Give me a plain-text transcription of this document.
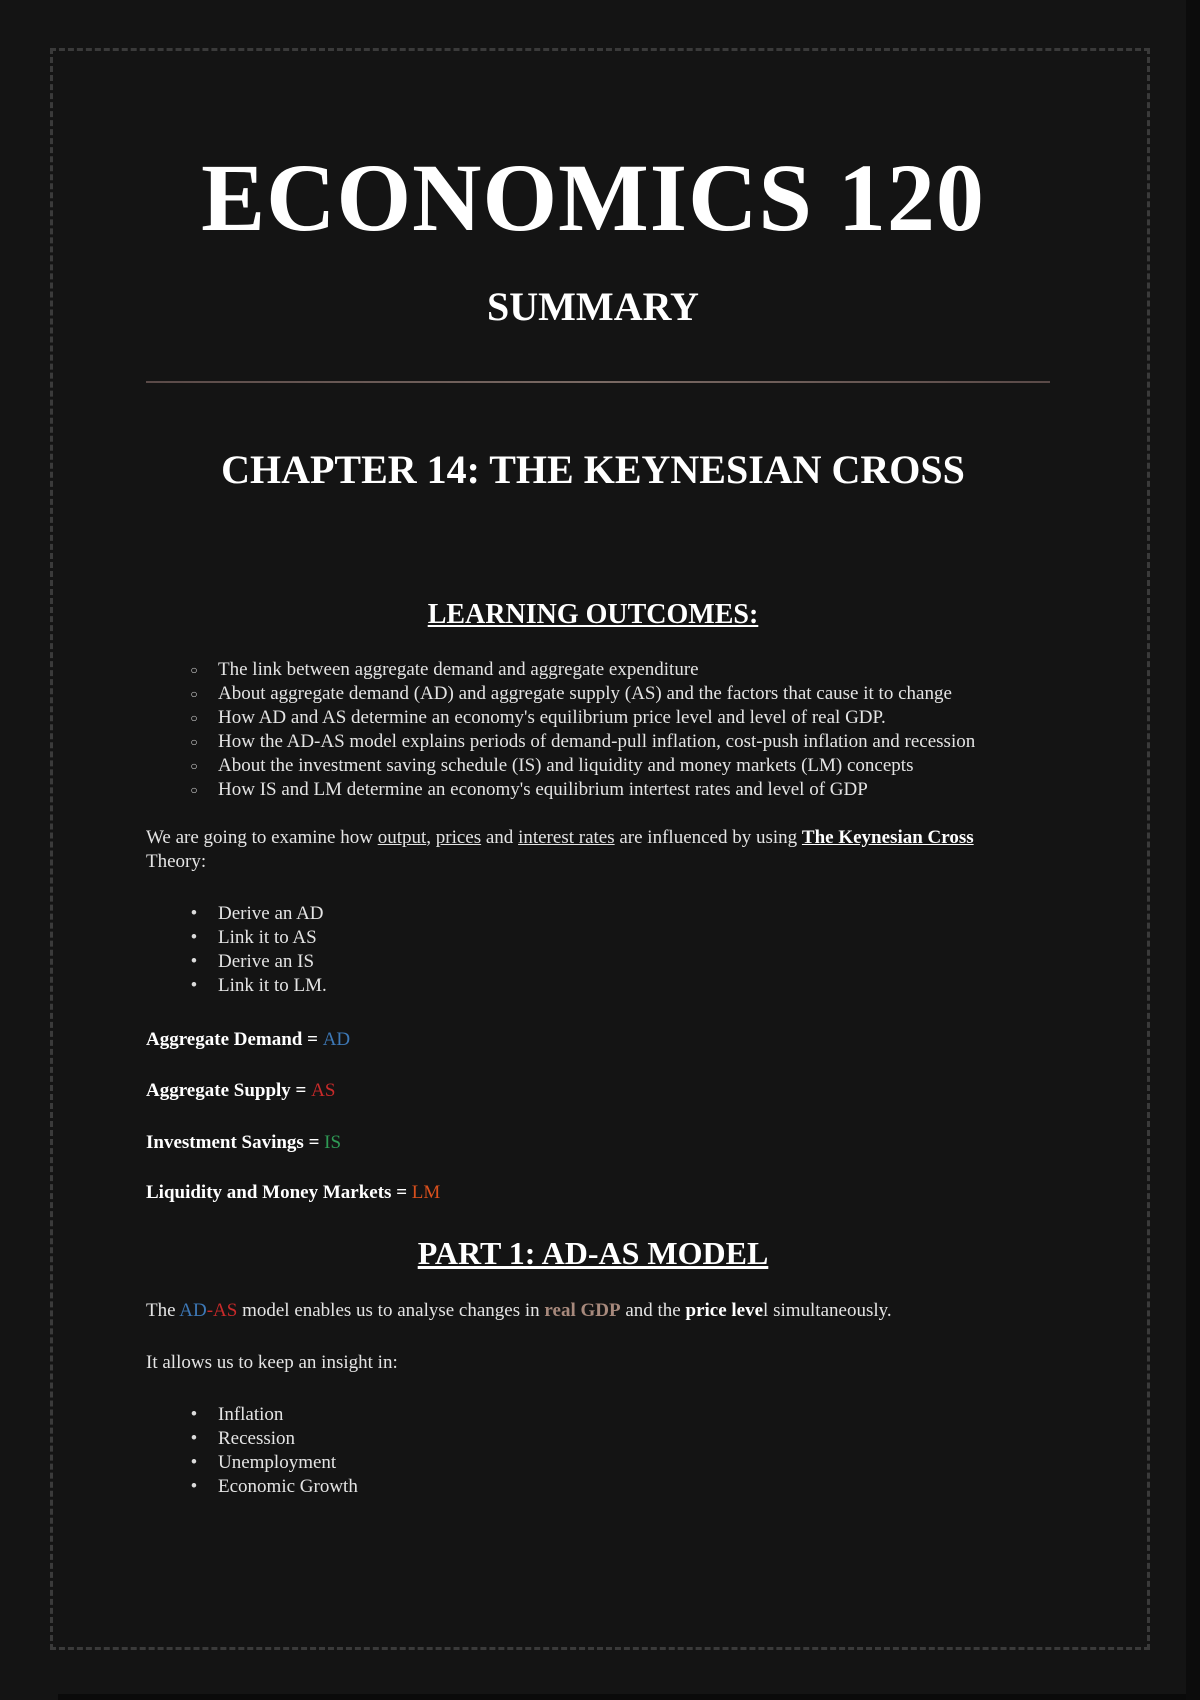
ECONOMICS 120
SUMMARY
CHAPTER 14: THE KEYNESIAN CROSS
LEARNING OUTCOMES:
○	The link between aggregate demand and aggregate expenditure
○	About aggregate demand (AD) and aggregate supply (AS) and the factors that cause it to change
○	How AD and AS determine an economy's equilibrium price level and level of real GDP.
○	How the AD-AS model explains periods of demand-pull inflation, cost-push inflation and recession
○	About the investment saving schedule (IS) and liquidity and money markets (LM) concepts
○	How IS and LM determine an economy's equilibrium intertest rates and level of GDP
We are going to examine how output, prices and interest rates are influenced by using The Keynesian Cross
Theory:
•	Derive an AD
•	Link it to AS
•	Derive an IS
•	Link it to LM.
Aggregate Demand = AD
Aggregate Supply = AS
Investment Savings = IS
Liquidity and Money Markets = LM
PART 1: AD-AS MODEL
The AD-AS model enables us to analyse changes in real GDP and the price level simultaneously.
It allows us to keep an insight in:
•	Inflation
•	Recession
•	Unemployment
•	Economic Growth
